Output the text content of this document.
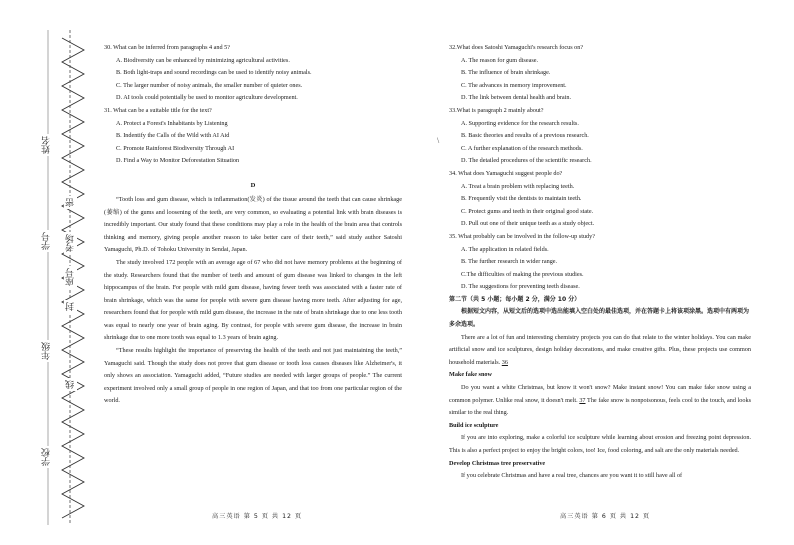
姓名
学号 考场
座号
年级
学校
密
封
线

30. What can be inferred from paragraphs 4 and 5?

A. Biodiversity can be enhanced by minimizing agricultural activities.

B. Both light-traps and sound recordings can be used to identify noisy animals.

C. The larger number of noisy animals, the smaller number of quieter ones.

D. AI tools could potentially be used to monitor agriculture development.

31. What can be a suitable title for the text?

A. Protect a Forest's Inhabitants by Listening

B. Indentify the Calls of the Wild with AI Aid

C. Promote Rainforest Biodiversity Through AI

D. Find a Way to Monitor Deforestation Situation

D

“Tooth loss and gum disease, which is inflammation(发炎) of the tissue around the teeth that can cause shrinkage (萎缩) of the gums and loosening of the teeth, are very common, so evaluating a potential link with brain diseases is incredibly important. Our study found that these conditions may play a role in the health of the brain area that controls thinking and memory, giving people another reason to take better care of their teeth,” said study author Satoshi Yamaguchi, Ph.D. of Tohoku University in Sendai, Japan.

The study involved 172 people with an average age of 67 who did not have memory problems at the beginning of the study. Researchers found that the number of teeth and amount of gum disease was linked to changes in the left hippocampus of the brain. For people with mild gum disease, having fewer teeth was associated with a faster rate of brain shrinkage, which was the same for people with severe gum disease having more teeth. After adjusting for age, researchers found that for people with mild gum disease, the increase in the rate of brain shrinkage due to one less tooth was equal to nearly one year of brain aging. By contrast, for people with severe gum disease, the increase in brain shrinkage due to one more tooth was equal to 1.3 years of brain aging.

“These results highlight the importance of preserving the health of the teeth and not just maintaining the teeth,” Yamaguchi said. Though the study does not prove that gum disease or tooth loss causes diseases like Alzheimer's, it only shows an association. Yamaguchi added, “Future studies are needed with larger groups of people.” The current experiment involved only a small group of people in one region of Japan, and that too from one particular region of the world.

高三英语 第 5 页 共 12 页
\

32.What does Satoshi Yamaguchi's research focus on?

A. The reason for gum disease.

B. The influence of brain shrinkage.

C. The advances in memory improvement.

D. The link between dental health and brain.

33.What is paragraph 2 mainly about?

A. Supporting evidence for the research results.

B. Basic theories and results of a previous research.

C. A further explanation of the research methods.

D. The detailed procedures of the scientific research.

34. What does Yamaguchi suggest people do?

A. Treat a brain problem with replacing teeth.

B. Frequently visit the dentists to maintain teeth.

C. Protect gums and teeth in their original good state.

D. Pull out one of their unique teeth as a study object.

35. What probably can be involved in the follow-up study?

A. The application in related fields.

B. The further research in wider range.

C.The difficulties of making the previous studies.

D. The suggestions for preventing teeth disease.

第二节（共 5 小题；每小题 2 分，满分 10 分）

根据短文内容，从短文后的选项中选出能填入空白处的最佳选项，并在答题卡上将该项涂黑。选项中有两项为多余选项。

There are a lot of fun and interesting chemistry projects you can do that relate to the winter holidays. You can make artificial snow and ice sculptures, design holiday decorations, and make creative gifts. Plus, these projects use common household materials. 36

Make fake snow

Do you want a white Christmas, but know it won't snow? Make instant snow! You can make fake snow using a common polymer. Unlike real snow, it doesn't melt. 37 The fake snow is nonpoisonous, feels cool to the touch, and looks similar to the real thing.

Build ice sculpture

If you are into exploring, make a colorful ice sculpture while learning about erosion and freezing point depression. This is also a perfect project to enjoy the bright colors, too! Ice, food coloring, and salt are the only materials needed.

Develop Christmas tree preservative

If you celebrate Christmas and have a real tree, chances are you want it to still have all of

高三英语 第 6 页 共 12 页
